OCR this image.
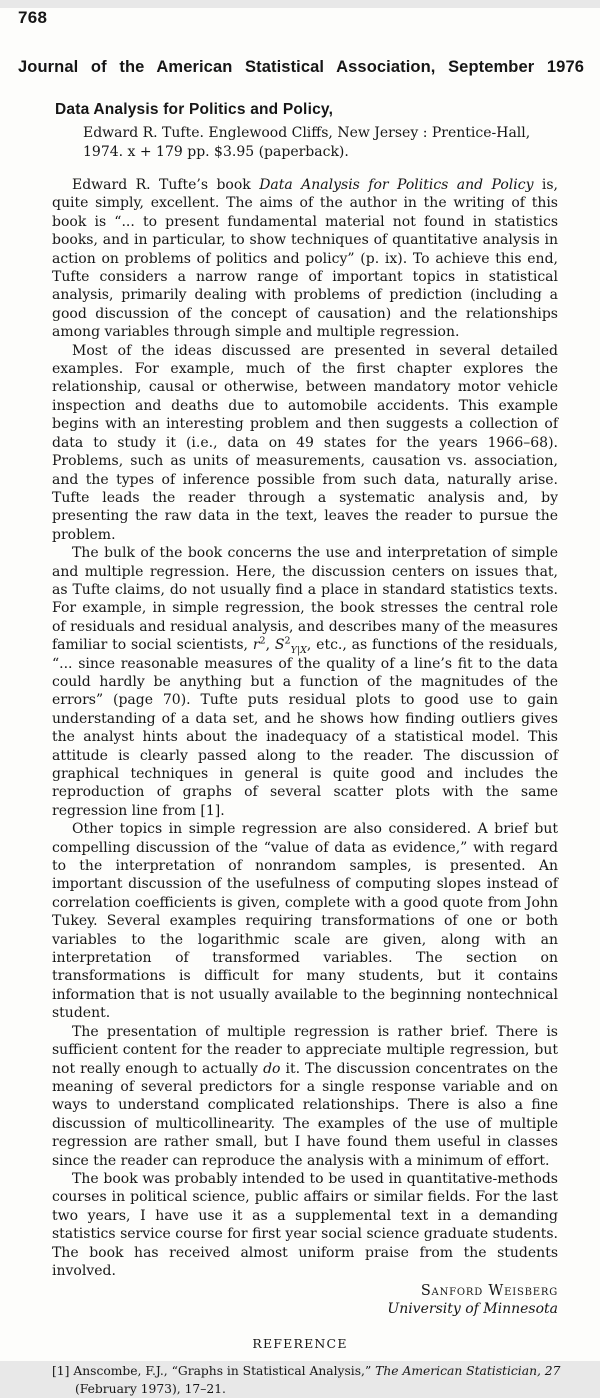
768
Journal of the American Statistical Association, September 1976
Data Analysis for Politics and Policy,
Edward R. Tufte. Englewood Cliffs, New Jersey : Prentice-Hall,
1974. x + 179 pp. $3.95 (paperback).

Edward R. Tufte’s book Data Analysis for Politics and Policy is, quite simply, excellent. The aims of the author in the writing of this book is “... to present fundamental material not found in statistics books, and in particular, to show techniques of quantitative analysis in action on problems of politics and policy” (p. ix). To achieve this end, Tufte considers a narrow range of important topics in statistical analysis, primarily dealing with problems of prediction (including a good discussion of the concept of causation) and the relationships among variables through simple and multiple regression.

Most of the ideas discussed are presented in several detailed examples. For example, much of the first chapter explores the relationship, causal or otherwise, between mandatory motor vehicle inspection and deaths due to automobile accidents. This example begins with an interesting problem and then suggests a collection of data to study it (i.e., data on 49 states for the years 1966–68). Problems, such as units of measurements, causation vs. association, and the types of inference possible from such data, naturally arise. Tufte leads the reader through a systematic analysis and, by presenting the raw data in the text, leaves the reader to pursue the problem.

The bulk of the book concerns the use and interpretation of simple and multiple regression. Here, the discussion centers on issues that, as Tufte claims, do not usually find a place in standard statistics texts. For example, in simple regression, the book stresses the central role of residuals and residual analysis, and describes many of the measures familiar to social scientists, $r^2$, $S^2_{Y|X}$, etc., as functions of the residuals, “... since reasonable measures of the quality of a line’s fit to the data could hardly be anything but a function of the magnitudes of the errors” (page 70). Tufte puts residual plots to good use to gain understanding of a data set, and he shows how finding outliers gives the analyst hints about the inadequacy of a statistical model. This attitude is clearly passed along to the reader. The discussion of graphical techniques in general is quite good and includes the reproduction of graphs of several scatter plots with the same regression line from [1].

Other topics in simple regression are also considered. A brief but compelling discussion of the “value of data as evidence,” with regard to the interpretation of nonrandom samples, is presented. An important discussion of the usefulness of computing slopes instead of correlation coefficients is given, complete with a good quote from John Tukey. Several examples requiring transformations of one or both variables to the logarithmic scale are given, along with an interpretation of transformed variables. The section on transformations is difficult for many students, but it contains information that is not usually available to the beginning nontechnical student.

The presentation of multiple regression is rather brief. There is sufficient content for the reader to appreciate multiple regression, but not really enough to actually do it. The discussion concentrates on the meaning of several predictors for a single response variable and on ways to understand complicated relationships. There is also a fine discussion of multicollinearity. The examples of the use of multiple regression are rather small, but I have found them useful in classes since the reader can reproduce the analysis with a minimum of effort.

The book was probably intended to be used in quantitative-methods courses in political science, public affairs or similar fields. For the last two years, I have use it as a supplemental text in a demanding statistics service course for first year social science graduate students. The book has received almost uniform praise from the students involved.

Sanford Weisberg
University of Minnesota
REFERENCE

[1] Anscombe, F.J., “Graphs in Statistical Analysis,” The American Statistician, 27 (February 1973), 17–21.
